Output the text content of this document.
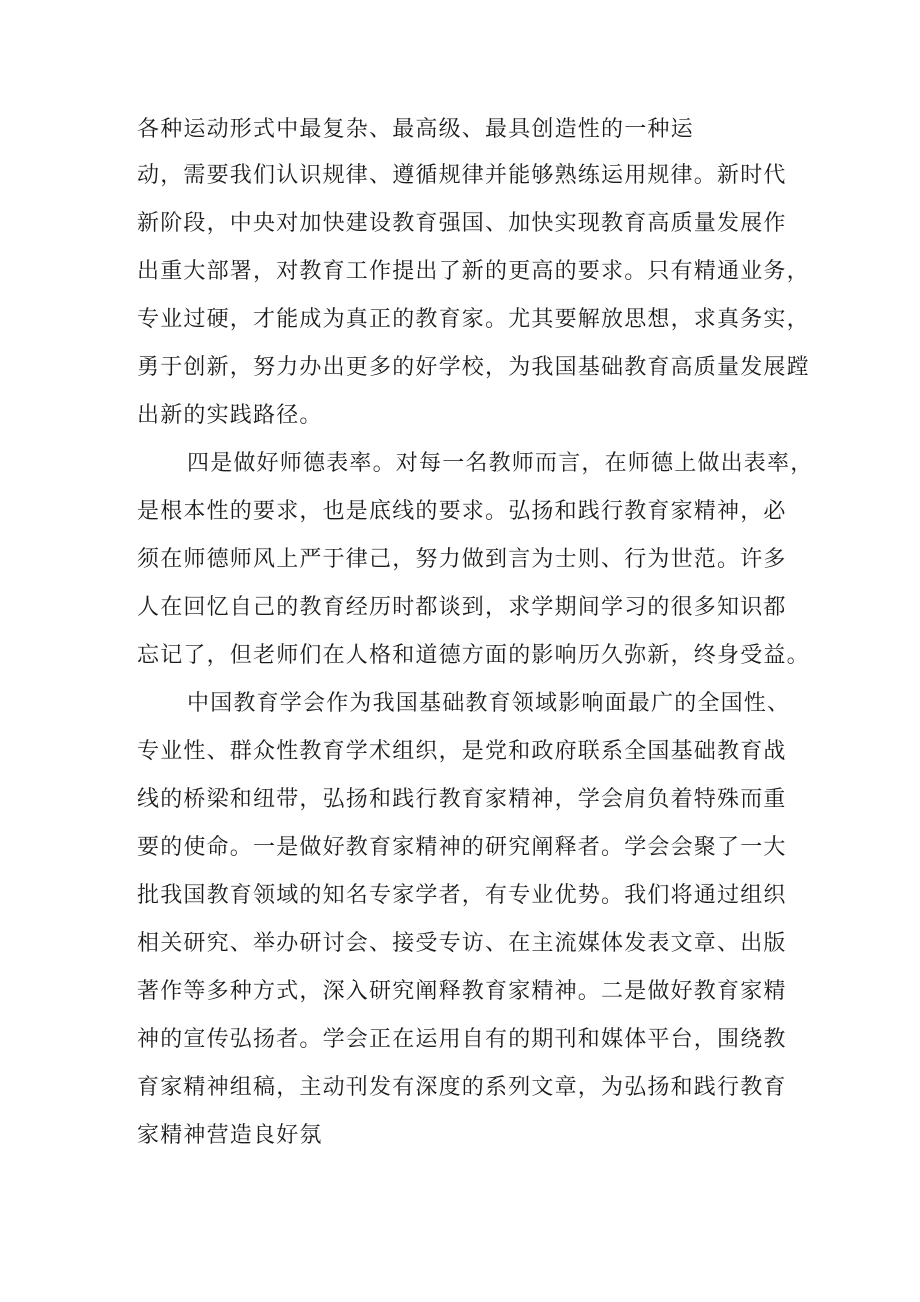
各种运动形式中最复杂、最高级、最具创造性的一种运
动，需要我们认识规律、遵循规律并能够熟练运用规律。新时代
新阶段，中央对加快建设教育强国、加快实现教育高质量发展作
出重大部署，对教育工作提出了新的更高的要求。只有精通业务，
专业过硬，才能成为真正的教育家。尤其要解放思想，求真务实，
勇于创新，努力办出更多的好学校，为我国基础教育高质量发展蹚
出新的实践路径。
四是做好师德表率。对每一名教师而言，在师德上做出表率，
是根本性的要求，也是底线的要求。弘扬和践行教育家精神，必
须在师德师风上严于律己，努力做到言为士则、行为世范。许多
人在回忆自己的教育经历时都谈到，求学期间学习的很多知识都
忘记了，但老师们在人格和道德方面的影响历久弥新，终身受益。
中国教育学会作为我国基础教育领域影响面最广的全国性、
专业性、群众性教育学术组织，是党和政府联系全国基础教育战
线的桥梁和纽带，弘扬和践行教育家精神，学会肩负着特殊而重
要的使命。一是做好教育家精神的研究阐释者。学会会聚了一大
批我国教育领域的知名专家学者，有专业优势。我们将通过组织
相关研究、举办研讨会、接受专访、在主流媒体发表文章、出版
著作等多种方式，深入研究阐释教育家精神。二是做好教育家精
神的宣传弘扬者。学会正在运用自有的期刊和媒体平台，围绕教
育家精神组稿，主动刊发有深度的系列文章，为弘扬和践行教育
家精神营造良好氛
